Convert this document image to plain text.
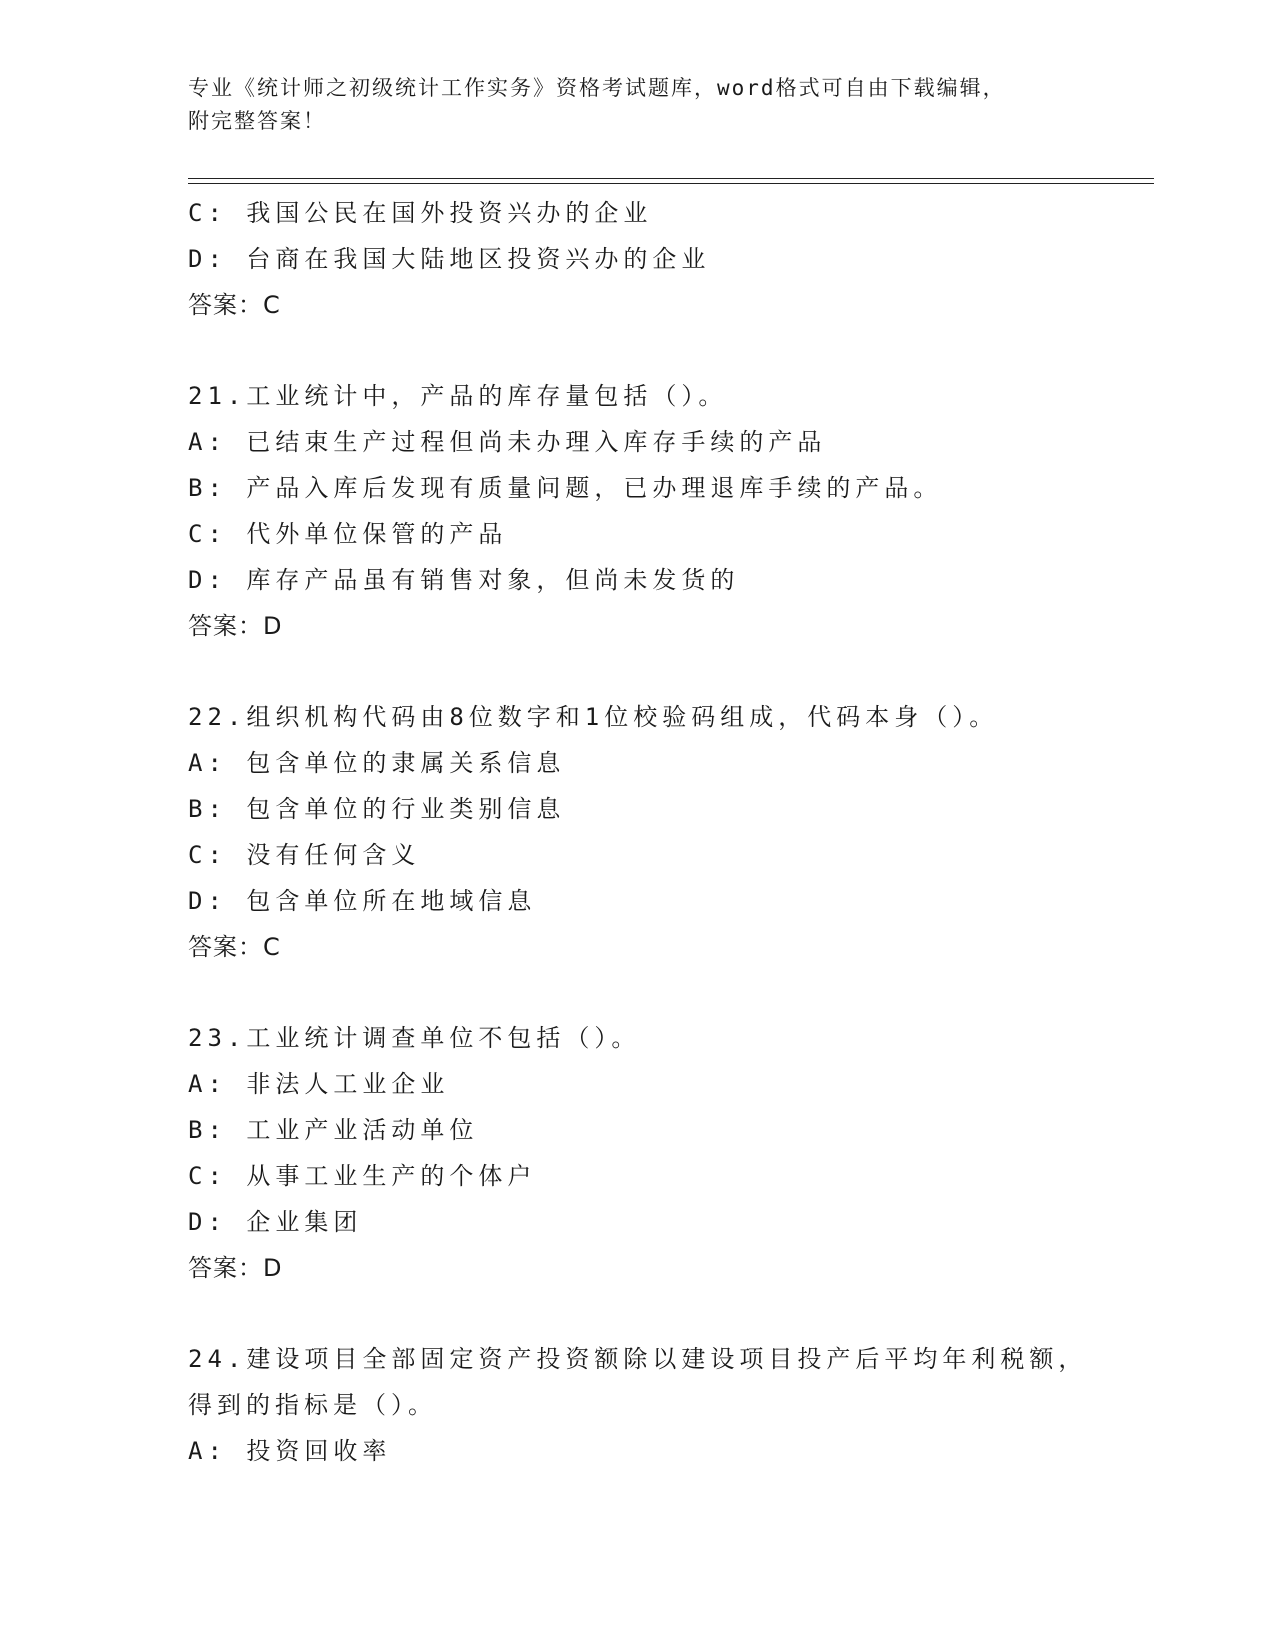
专业《统计师之初级统计工作实务》资格考试题库，word格式可自由下载编辑，
附完整答案！
C: 我国公民在国外投资兴办的企业
D: 台商在我国大陆地区投资兴办的企业
答案：C
21.工业统计中，产品的库存量包括（）。
A: 已结束生产过程但尚未办理入库存手续的产品
B: 产品入库后发现有质量问题，已办理退库手续的产品。
C: 代外单位保管的产品
D: 库存产品虽有销售对象，但尚未发货的
答案：D
22.组织机构代码由8位数字和1位校验码组成，代码本身（）。
A: 包含单位的隶属关系信息
B: 包含单位的行业类别信息
C: 没有任何含义
D: 包含单位所在地域信息
答案：C
23.工业统计调查单位不包括（）。
A: 非法人工业企业
B: 工业产业活动单位
C: 从事工业生产的个体户
D: 企业集团
答案：D
24.建设项目全部固定资产投资额除以建设项目投产后平均年利税额，
得到的指标是（）。
A: 投资回收率
